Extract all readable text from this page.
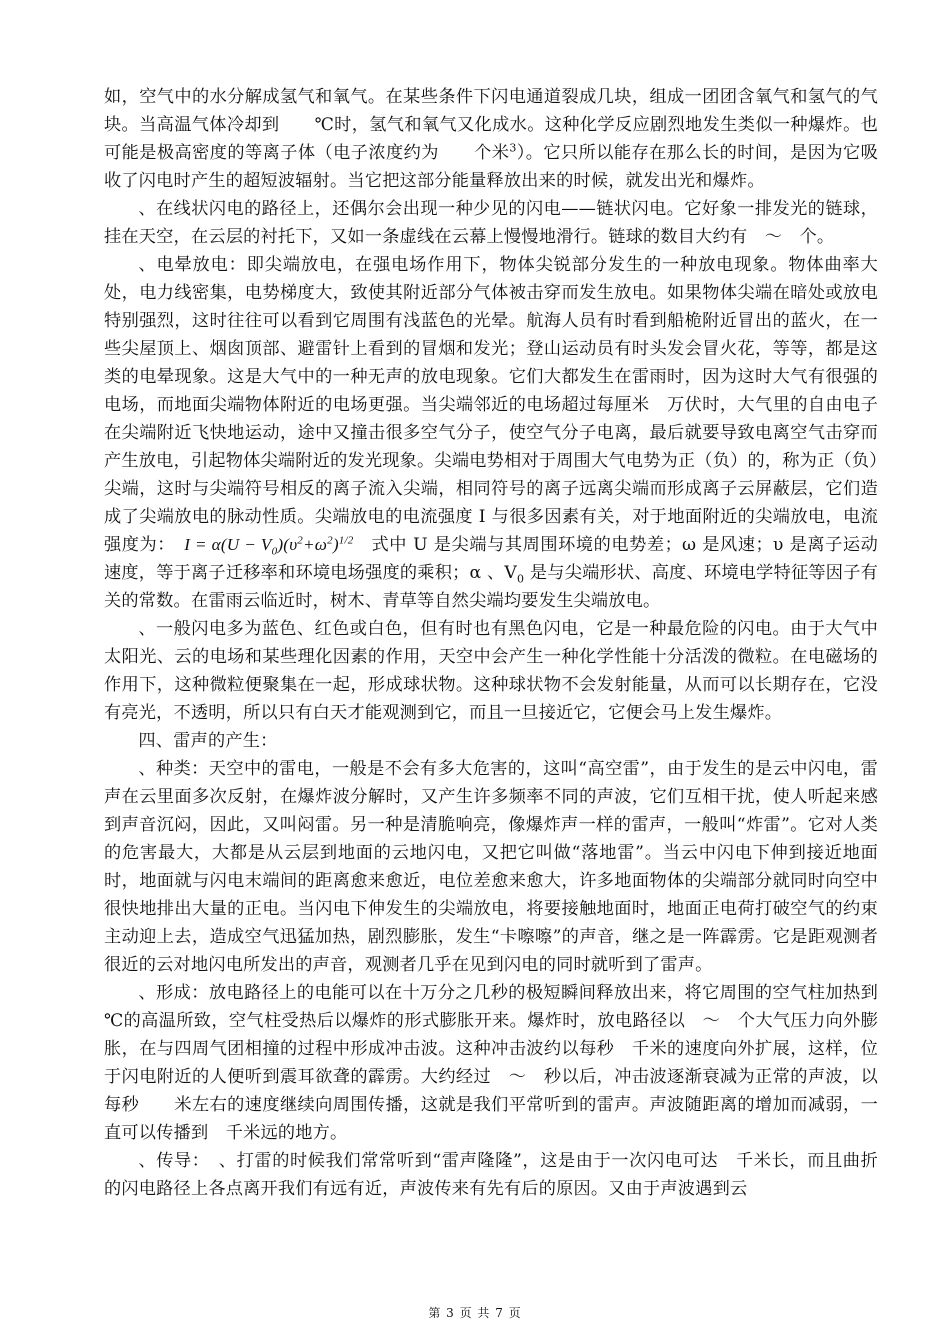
如，空气中的水分解成氢气和氧气。在某些条件下闪电通道裂成几块，组成一团团含氧气和氢气的气块。当高温气体冷却到　　℃时，氢气和氧气又化成水。这种化学反应剧烈地发生类似一种爆炸。也可能是极高密度的等离子体（电子浓度约为　　个米$^3$）。它只所以能存在那么长的时间，是因为它吸收了闪电时产生的超短波辐射。当它把这部分能量释放出来的时候，就发出光和爆炸。

、在线状闪电的路径上，还偶尔会出现一种少见的闪电——链状闪电。它好象一排发光的链球，挂在天空，在云层的衬托下，又如一条虚线在云幕上慢慢地滑行。链球的数目大约有　～　个。

、电晕放电：即尖端放电，在强电场作用下，物体尖锐部分发生的一种放电现象。物体曲率大处，电力线密集，电势梯度大，致使其附近部分气体被击穿而发生放电。如果物体尖端在暗处或放电特别强烈，这时往往可以看到它周围有浅蓝色的光晕。航海人员有时看到船桅附近冒出的蓝火，在一些尖屋顶上、烟囱顶部、避雷针上看到的冒烟和发光；登山运动员有时头发会冒火花，等等，都是这类的电晕现象。这是大气中的一种无声的放电现象。它们大都发生在雷雨时，因为这时大气有很强的电场，而地面尖端物体附近的电场更强。当尖端邻近的电场超过每厘米　万伏时，大气里的自由电子在尖端附近飞快地运动，途中又撞击很多空气分子，使空气分子电离，最后就要导致电离空气击穿而产生放电，引起物体尖端附近的发光现象。尖端电势相对于周围大气电势为正（负）的，称为正（负）尖端，这时与尖端符号相反的离子流入尖端，相同符号的离子远离尖端而形成离子云屏蔽层，它们造成了尖端放电的脉动性质。尖端放电的电流强度 I 与很多因素有关，对于地面附近的尖端放电，电流强度为：　 $I = \alpha(U - V_0)(\upsilon^2+\omega^2)^{1/2}$　式中 U 是尖端与其周围环境的电势差；ω 是风速；υ 是离子运动速度，等于离子迁移率和环境电场强度的乘积；α 、$V_0$ 是与尖端形状、高度、环境电学特征等因子有关的常数。在雷雨云临近时，树木、青草等自然尖端均要发生尖端放电。

、一般闪电多为蓝色、红色或白色，但有时也有黑色闪电，它是一种最危险的闪电。由于大气中太阳光、云的电场和某些理化因素的作用，天空中会产生一种化学性能十分活泼的微粒。在电磁场的作用下，这种微粒便聚集在一起，形成球状物。这种球状物不会发射能量，从而可以长期存在，它没有亮光，不透明，所以只有白天才能观测到它，而且一旦接近它，它便会马上发生爆炸。

四、雷声的产生：

、种类：天空中的雷电，一般是不会有多大危害的，这叫“高空雷”，由于发生的是云中闪电，雷声在云里面多次反射，在爆炸波分解时，又产生许多频率不同的声波，它们互相干扰，使人听起来感到声音沉闷，因此，又叫闷雷。另一种是清脆响亮，像爆炸声一样的雷声，一般叫“炸雷”。它对人类的危害最大，大都是从云层到地面的云地闪电，又把它叫做“落地雷”。当云中闪电下伸到接近地面时，地面就与闪电末端间的距离愈来愈近，电位差愈来愈大，许多地面物体的尖端部分就同时向空中很快地排出大量的正电。当闪电下伸发生的尖端放电，将要接触地面时，地面正电荷打破空气的约束主动迎上去，造成空气迅猛加热，剧烈膨胀，发生“卡嚓嚓”的声音，继之是一阵霹雳。它是距观测者很近的云对地闪电所发出的声音，观测者几乎在见到闪电的同时就听到了雷声。

、形成：放电路径上的电能可以在十万分之几秒的极短瞬间释放出来，将它周围的空气柱加热到　　℃的高温所致，空气柱受热后以爆炸的形式膨胀开来。爆炸时，放电路径以　～　个大气压力向外膨胀，在与四周气团相撞的过程中形成冲击波。这种冲击波约以每秒　千米的速度向外扩展，这样，位于闪电附近的人便听到震耳欲聋的霹雳。大约经过　～　秒以后，冲击波逐渐衰减为正常的声波，以每秒　　米左右的速度继续向周围传播，这就是我们平常听到的雷声。声波随距离的增加而减弱，一直可以传播到　千米远的地方。

、传导：　、打雷的时候我们常常听到“雷声隆隆”，这是由于一次闪电可达　千米长，而且曲折的闪电路径上各点离开我们有远有近，声波传来有先有后的原因。又由于声波遇到云

第 3 页 共 7 页
